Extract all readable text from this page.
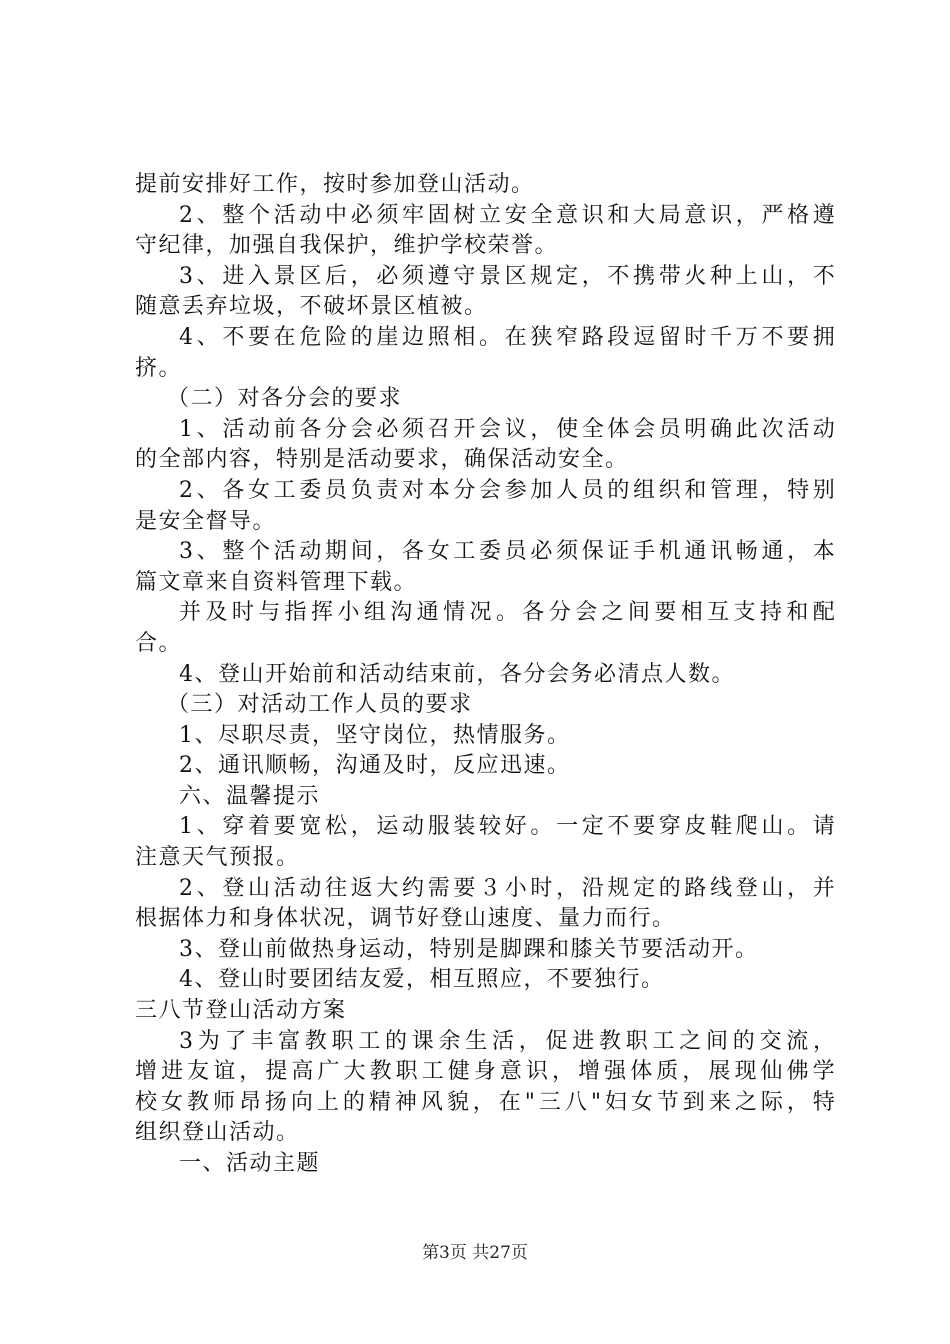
提前安排好工作，按时参加登山活动。
2 、 整 个 活 动 中 必 须 牢 固 树 立 安 全 意 识 和 大 局 意 识 ， 严 格 遵
守纪律，加强自我保护，维护学校荣誉。
3 、 进 入 景 区 后 ， 必 须 遵 守 景 区 规 定 ， 不 携 带 火 种 上 山 ， 不
随意丢弃垃圾，不破坏景区植被。
4 、 不 要 在 危 险 的 崖 边 照 相 。 在 狭 窄 路 段 逗 留 时 千 万 不 要 拥
挤。
（二）对各分会的要求
1 、 活 动 前 各 分 会 必 须 召 开 会 议 ， 使 全 体 会 员 明 确 此 次 活 动
的全部内容，特别是活动要求，确保活动安全。
2 、 各 女 工 委 员 负 责 对 本 分 会 参 加 人 员 的 组 织 和 管 理 ， 特 别
是安全督导。
3 、 整 个 活 动 期 间 ， 各 女 工 委 员 必 须 保 证 手 机 通 讯 畅 通 ， 本
篇文章来自资料管理下载。
并 及 时 与 指 挥 小 组 沟 通 情 况 。 各 分 会 之 间 要 相 互 支 持 和 配
合。
4、登山开始前和活动结束前，各分会务必清点人数。
（三）对活动工作人员的要求
1、尽职尽责，坚守岗位，热情服务。
2、通讯顺畅，沟通及时，反应迅速。
六、温馨提示
1 、 穿 着 要 宽 松 ， 运 动 服 装 较 好 。 一 定 不 要 穿 皮 鞋 爬 山 。 请
注意天气预报。
2 、 登 山 活 动 往 返 大 约 需 要 ３ 小 时 ， 沿 规 定 的 路 线 登 山 ， 并
根据体力和身体状况，调节好登山速度、量力而行。
3、登山前做热身运动，特别是脚踝和膝关节要活动开。
4、登山时要团结友爱，相互照应，不要独行。
三八节登山活动方案
3 为 了 丰 富 教 职 工 的 课 余 生 活 ， 促 进 教 职 工 之 间 的 交 流 ，
增 进 友 谊 ， 提 高 广 大 教 职 工 健 身 意 识 ， 增 强 体 质 ， 展 现 仙 佛 学
校 女 教 师 昂 扬 向 上 的 精 神 风 貌 ， 在 " 三 八 " 妇 女 节 到 来 之 际 ， 特
组织登山活动。
一、活动主题
第3页 共27页
